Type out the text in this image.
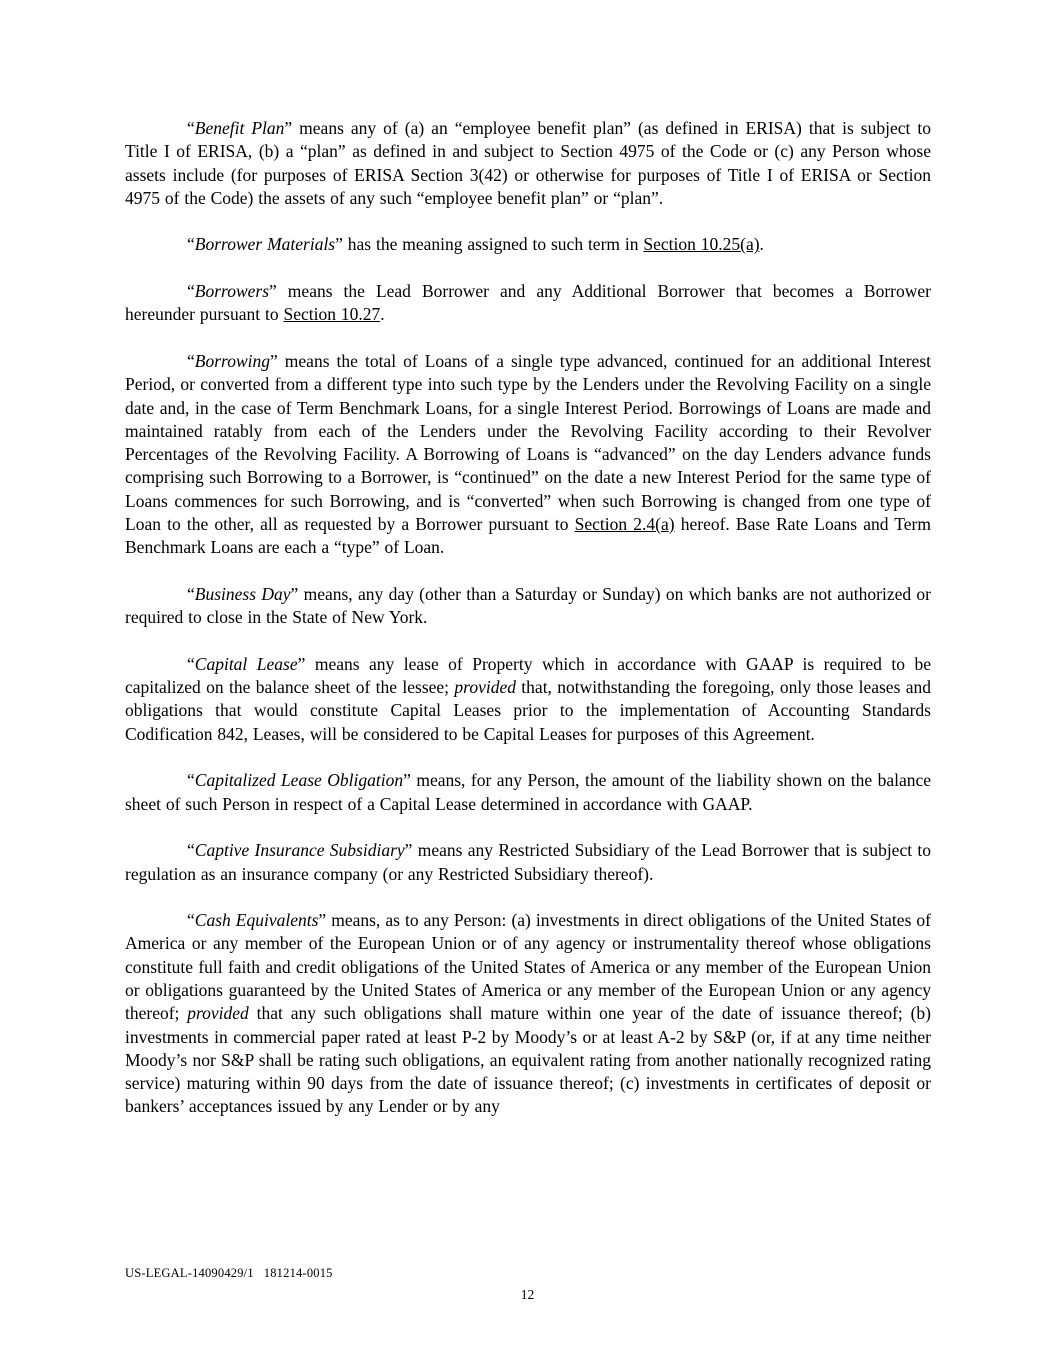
“Benefit Plan” means any of (a) an “employee benefit plan” (as defined in ERISA) that is subject to Title I of ERISA, (b) a “plan” as defined in and subject to Section 4975 of the Code or (c) any Person whose assets include (for purposes of ERISA Section 3(42) or otherwise for purposes of Title I of ERISA or Section 4975 of the Code) the assets of any such “employee benefit plan” or “plan”.

“Borrower Materials” has the meaning assigned to such term in Section 10.25(a).

“Borrowers” means the Lead Borrower and any Additional Borrower that becomes a Borrower hereunder pursuant to Section 10.27.

“Borrowing” means the total of Loans of a single type advanced, continued for an additional Interest Period, or converted from a different type into such type by the Lenders under the Revolving Facility on a single date and, in the case of Term Benchmark Loans, for a single Interest Period. Borrowings of Loans are made and maintained ratably from each of the Lenders under the Revolving Facility according to their Revolver Percentages of the Revolving Facility. A Borrowing of Loans is “advanced” on the day Lenders advance funds comprising such Borrowing to a Borrower, is “continued” on the date a new Interest Period for the same type of Loans commences for such Borrowing, and is “converted” when such Borrowing is changed from one type of Loan to the other, all as requested by a Borrower pursuant to Section 2.4(a) hereof. Base Rate Loans and Term Benchmark Loans are each a “type” of Loan.

“Business Day” means, any day (other than a Saturday or Sunday) on which banks are not authorized or required to close in the State of New York.

“Capital Lease” means any lease of Property which in accordance with GAAP is required to be capitalized on the balance sheet of the lessee; provided that, notwithstanding the foregoing, only those leases and obligations that would constitute Capital Leases prior to the implementation of Accounting Standards Codification 842, Leases, will be considered to be Capital Leases for purposes of this Agreement.

“Capitalized Lease Obligation” means, for any Person, the amount of the liability shown on the balance sheet of such Person in respect of a Capital Lease determined in accordance with GAAP.

“Captive Insurance Subsidiary” means any Restricted Subsidiary of the Lead Borrower that is subject to regulation as an insurance company (or any Restricted Subsidiary thereof).

“Cash Equivalents” means, as to any Person: (a) investments in direct obligations of the United States of America or any member of the European Union or of any agency or instrumentality thereof whose obligations constitute full faith and credit obligations of the United States of America or any member of the European Union or obligations guaranteed by the United States of America or any member of the European Union or any agency thereof; provided that any such obligations shall mature within one year of the date of issuance thereof; (b) investments in commercial paper rated at least P-2 by Moody’s or at least A-2 by S&P (or, if at any time neither Moody’s nor S&P shall be rating such obligations, an equivalent rating from another nationally recognized rating service) maturing within 90 days from the date of issuance thereof; (c) investments in certificates of deposit or bankers’ acceptances issued by any Lender or by any

US-LEGAL-14090429/1   181214-0015
12
